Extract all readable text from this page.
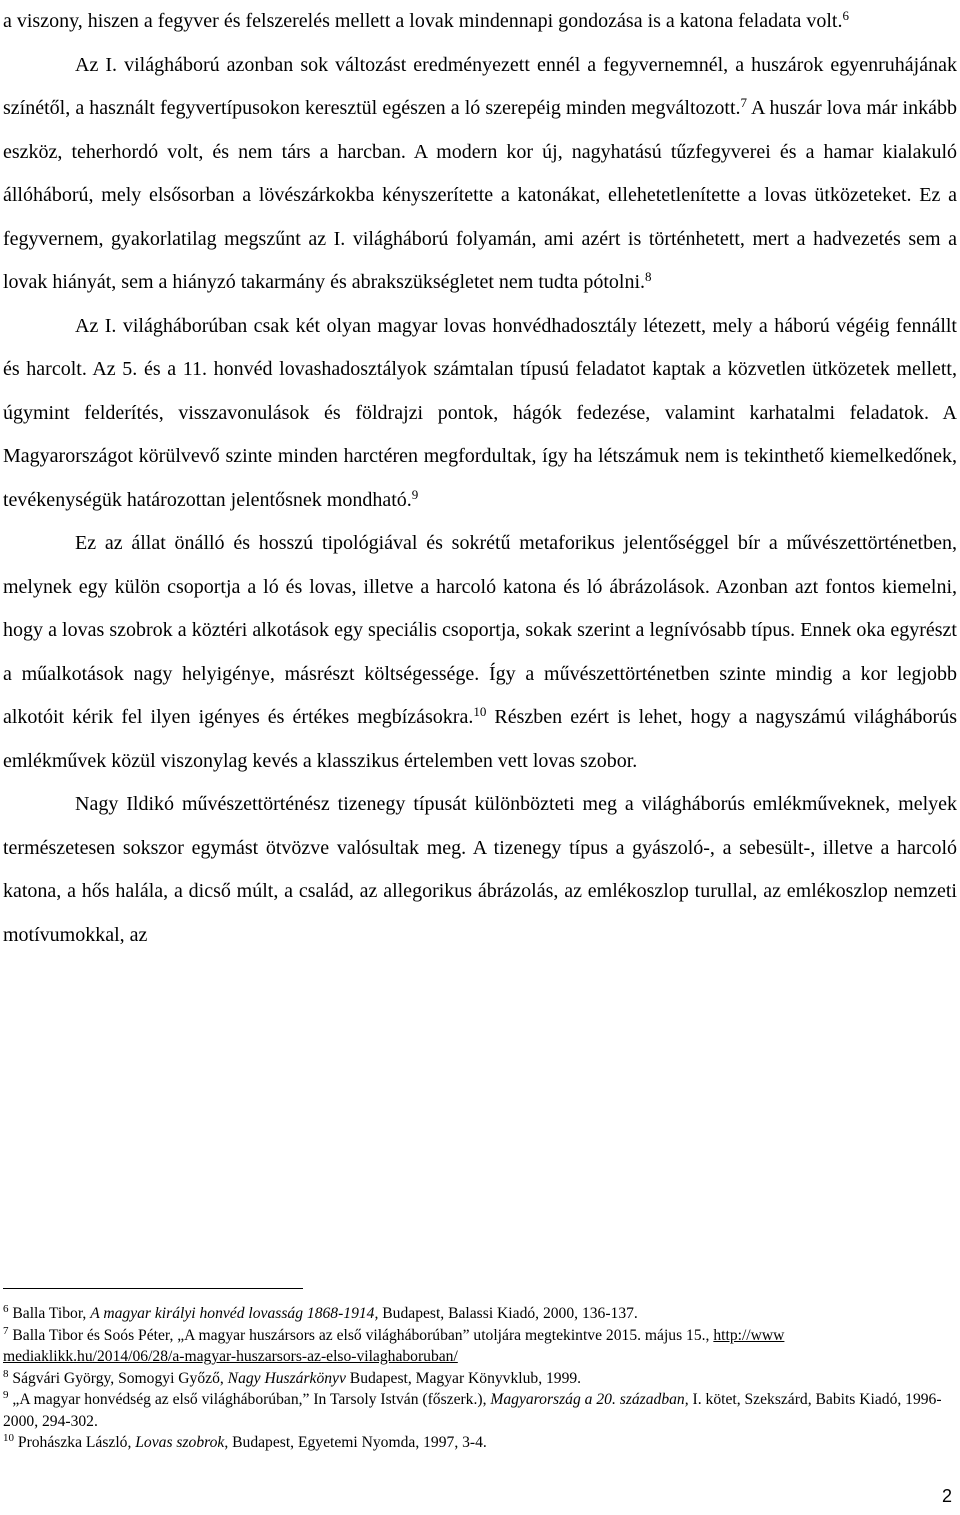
a viszony, hiszen a fegyver és felszerelés mellett a lovak mindennapi gondozása is a katona feladata volt.$^6$

Az I. világháború azonban sok változást eredményezett ennél a fegyvernemnél, a huszárok egyenruhájának színétől, a használt fegyvertípusokon keresztül egészen a ló szerepéig minden megváltozott.$^7$ A huszár lova már inkább eszköz, teherhordó volt, és nem társ a harcban. A modern kor új, nagyhatású tűzfegyverei és a hamar kialakuló állóháború, mely elsősorban a lövészárkokba kényszerítette a katonákat, ellehetetlenítette a lovas ütközeteket. Ez a fegyvernem, gyakorlatilag megszűnt az I. világháború folyamán, ami azért is történhetett, mert a hadvezetés sem a lovak hiányát, sem a hiányzó takarmány és abrakszükségletet nem tudta pótolni.$^8$

Az I. világháborúban csak két olyan magyar lovas honvédhadosztály létezett, mely a háború végéig fennállt és harcolt. Az 5. és a 11. honvéd lovashadosztályok számtalan típusú feladatot kaptak a közvetlen ütközetek mellett, úgymint felderítés, visszavonulások és földrajzi pontok, hágók fedezése, valamint karhatalmi feladatok. A Magyarországot körülvevő szinte minden harctéren megfordultak, így ha létszámuk nem is tekinthető kiemelkedőnek, tevékenységük határozottan jelentősnek mondható.$^9$

Ez az állat önálló és hosszú tipológiával és sokrétű metaforikus jelentőséggel bír a művészettörténetben, melynek egy külön csoportja a ló és lovas, illetve a harcoló katona és ló ábrázolások. Azonban azt fontos kiemelni, hogy a lovas szobrok a köztéri alkotások egy speciális csoportja, sokak szerint a legnívósabb típus. Ennek oka egyrészt a műalkotások nagy helyigénye, másrészt költségessége. Így a művészettörténetben szinte mindig a kor legjobb alkotóit kérik fel ilyen igényes és értékes megbízásokra.$^{10}$ Részben ezért is lehet, hogy a nagyszámú világháborús emlékművek közül viszonylag kevés a klasszikus értelemben vett lovas szobor.

Nagy Ildikó művészettörténész tizenegy típusát különbözteti meg a világháborús emlékműveknek, melyek természetesen sokszor egymást ötvözve valósultak meg. A tizenegy típus a gyászoló-, a sebesült-, illetve a harcoló katona, a hős halála, a dicső múlt, a család, az allegorikus ábrázolás, az emlékoszlop turullal, az emlékoszlop nemzeti motívumokkal, az

$^6$ Balla Tibor, A magyar királyi honvéd lovasság 1868-1914, Budapest, Balassi Kiadó, 2000, 136-137.

$^7$ Balla Tibor és Soós Péter, „A magyar huszársors az első világháborúban” utoljára megtekintve 2015. május 15., http://www mediaklikk.hu/2014/06/28/a-magyar-huszarsors-az-elso-vilaghaboruban/

$^8$ Ságvári György, Somogyi Győző, Nagy Huszárkönyv Budapest, Magyar Könyvklub, 1999.

$^9$ „A magyar honvédség az első világháborúban,” In Tarsoly István (főszerk.), Magyarország a 20. században, I. kötet, Szekszárd, Babits Kiadó, 1996-2000, 294-302.

$^{10}$ Prohászka László, Lovas szobrok, Budapest, Egyetemi Nyomda, 1997, 3-4.

2
